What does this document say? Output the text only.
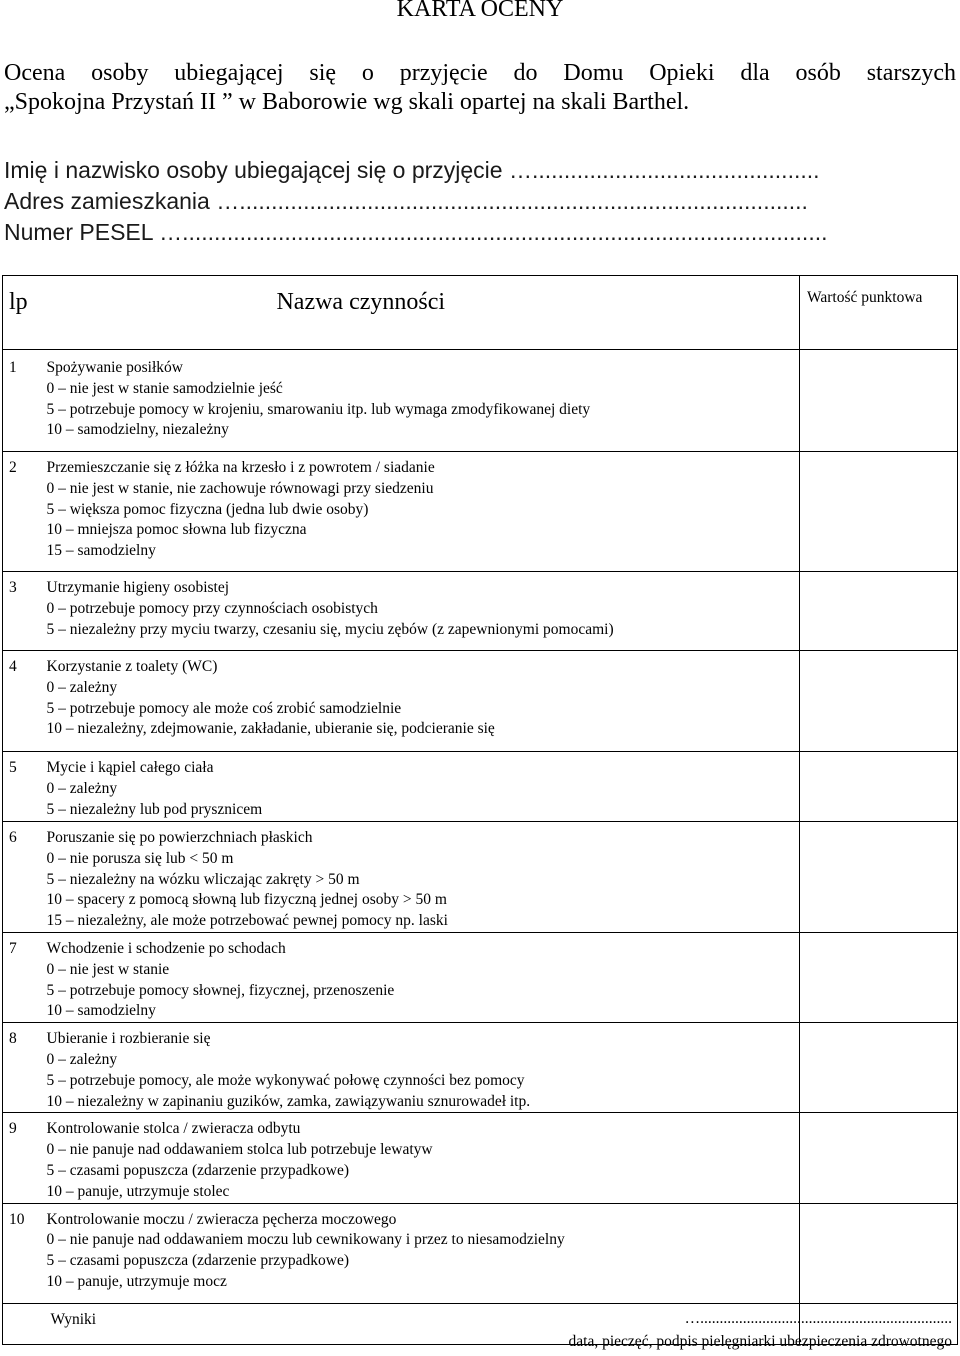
KARTA OCENY
Ocena osoby ubiegającej się o przyjęcie do Domu Opieki dla osób starszych
„Spokojna Przystań II ” w Baborowie wg skali opartej na skali Barthel.
Imię i nazwisko osoby ubiegającej się o przyjęcie ….............................................
Adres zamieszkania ….........................................................................................
Numer PESEL ….....................................................................................................
lp	Nazwa czynności	Wartość punktowa
1	Spożywanie posiłków
0 – nie jest w stanie samodzielnie jeść
5 – potrzebuje pomocy w krojeniu, smarowaniu itp. lub wymaga zmodyfikowanej diety
10 – samodzielny, niezależny	

2	Przemieszczanie się z łóżka na krzesło i z powrotem / siadanie
0 – nie jest w stanie, nie zachowuje równowagi przy siedzeniu
5 – większa pomoc fizyczna (jedna lub dwie osoby)
10 – mniejsza pomoc słowna lub fizyczna
15 – samodzielny	

3	Utrzymanie higieny osobistej
0 – potrzebuje pomocy przy czynnościach osobistych
5 – niezależny przy myciu twarzy, czesaniu się, myciu zębów (z zapewnionymi pomocami)	

4	Korzystanie z toalety (WC)
0 – zależny
5 – potrzebuje pomocy ale może coś zrobić samodzielnie
10 – niezależny, zdejmowanie, zakładanie, ubieranie się, podcieranie się	

5	Mycie i kąpiel całego ciała
0 – zależny
5 – niezależny lub pod prysznicem	

6	Poruszanie się po powierzchniach płaskich
0 – nie porusza się lub < 50 m
5 – niezależny na wózku wliczając zakręty > 50 m
10 – spacery z pomocą słowną lub fizyczną jednej osoby > 50 m
15 – niezależny, ale może potrzebować pewnej pomocy np. laski	

7	Wchodzenie i schodzenie po schodach
0 – nie jest w stanie
5 – potrzebuje pomocy słownej, fizycznej, przenoszenie
10 – samodzielny	

8	Ubieranie i rozbieranie się
0 – zależny
5 – potrzebuje pomocy, ale może wykonywać połowę czynności bez pomocy
10 – niezależny w zapinaniu guzików, zamka, zawiązywaniu sznurowadeł itp.	

9	Kontrolowanie stolca / zwieracza odbytu
0 – nie panuje nad oddawaniem stolca lub potrzebuje lewatyw
5 – czasami popuszcza (zdarzenie przypadkowe)
10 – panuje, utrzymuje stolec	

10	Kontrolowanie moczu / zwieracza pęcherza moczowego
0 – nie panuje nad oddawaniem moczu lub cewnikowany i przez to niesamodzielny
5 – czasami popuszcza (zdarzenie przypadkowe)
10 – panuje, utrzymuje mocz	

	Wyniki	
		….................................................................
data, pieczęć, podpis pielęgniarki ubezpieczenia zdrowotnego
